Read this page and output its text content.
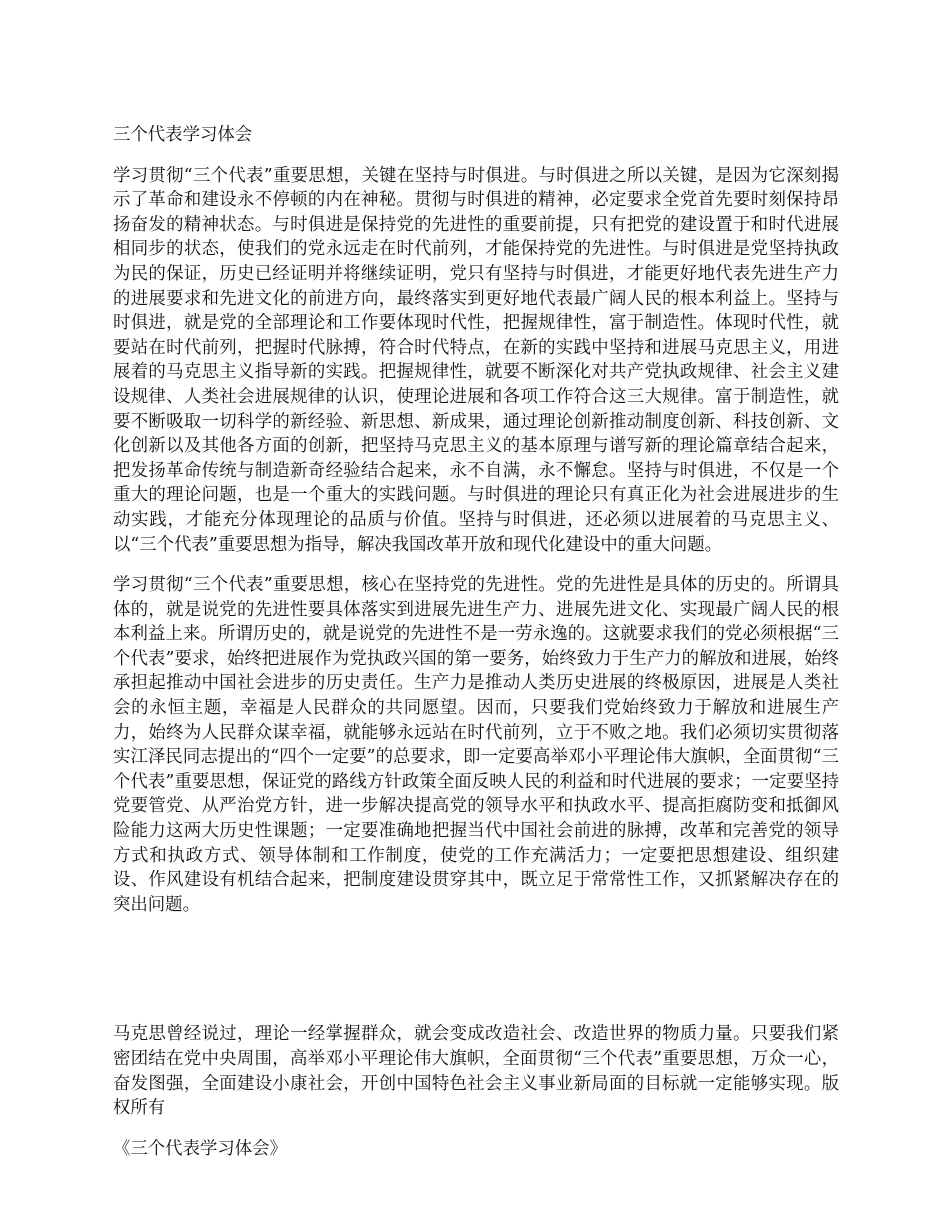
三个代表学习体会

学习贯彻“三个代表”重要思想，关键在坚持与时俱进。与时俱进之所以关键，是因为它深刻揭示了革命和建设永不停顿的内在神秘。贯彻与时俱进的精神，必定要求全党首先要时刻保持昂扬奋发的精神状态。与时俱进是保持党的先进性的重要前提，只有把党的建设置于和时代进展相同步的状态，使我们的党永远走在时代前列，才能保持党的先进性。与时俱进是党坚持执政为民的保证，历史已经证明并将继续证明，党只有坚持与时俱进，才能更好地代表先进生产力的进展要求和先进文化的前进方向，最终落实到更好地代表最广阔人民的根本利益上。坚持与时俱进，就是党的全部理论和工作要体现时代性，把握规律性，富于制造性。体现时代性，就要站在时代前列，把握时代脉搏，符合时代特点，在新的实践中坚持和进展马克思主义，用进展着的马克思主义指导新的实践。把握规律性，就要不断深化对共产党执政规律、社会主义建设规律、人类社会进展规律的认识，使理论进展和各项工作符合这三大规律。富于制造性，就要不断吸取一切科学的新经验、新思想、新成果，通过理论创新推动制度创新、科技创新、文化创新以及其他各方面的创新，把坚持马克思主义的基本原理与谱写新的理论篇章结合起来，把发扬革命传统与制造新奇经验结合起来，永不自满，永不懈怠。坚持与时俱进，不仅是一个重大的理论问题，也是一个重大的实践问题。与时俱进的理论只有真正化为社会进展进步的生动实践，才能充分体现理论的品质与价值。坚持与时俱进，还必须以进展着的马克思主义、以“三个代表”重要思想为指导，解决我国改革开放和现代化建设中的重大问题。

学习贯彻“三个代表”重要思想，核心在坚持党的先进性。党的先进性是具体的历史的。所谓具体的，就是说党的先进性要具体落实到进展先进生产力、进展先进文化、实现最广阔人民的根本利益上来。所谓历史的，就是说党的先进性不是一劳永逸的。这就要求我们的党必须根据“三个代表”要求，始终把进展作为党执政兴国的第一要务，始终致力于生产力的解放和进展，始终承担起推动中国社会进步的历史责任。生产力是推动人类历史进展的终极原因，进展是人类社会的永恒主题，幸福是人民群众的共同愿望。因而，只要我们党始终致力于解放和进展生产力，始终为人民群众谋幸福，就能够永远站在时代前列，立于不败之地。我们必须切实贯彻落实江泽民同志提出的“四个一定要”的总要求，即一定要高举邓小平理论伟大旗帜，全面贯彻“三个代表”重要思想，保证党的路线方针政策全面反映人民的利益和时代进展的要求；一定要坚持党要管党、从严治党方针，进一步解决提高党的领导水平和执政水平、提高拒腐防变和抵御风险能力这两大历史性课题；一定要准确地把握当代中国社会前进的脉搏，改革和完善党的领导方式和执政方式、领导体制和工作制度，使党的工作充满活力；一定要把思想建设、组织建设、作风建设有机结合起来，把制度建设贯穿其中，既立足于常常性工作，又抓紧解决存在的突出问题。

马克思曾经说过，理论一经掌握群众，就会变成改造社会、改造世界的物质力量。只要我们紧密团结在党中央周围，高举邓小平理论伟大旗帜，全面贯彻“三个代表”重要思想，万众一心，奋发图强，全面建设小康社会，开创中国特色社会主义事业新局面的目标就一定能够实现。版权所有

《三个代表学习体会》
